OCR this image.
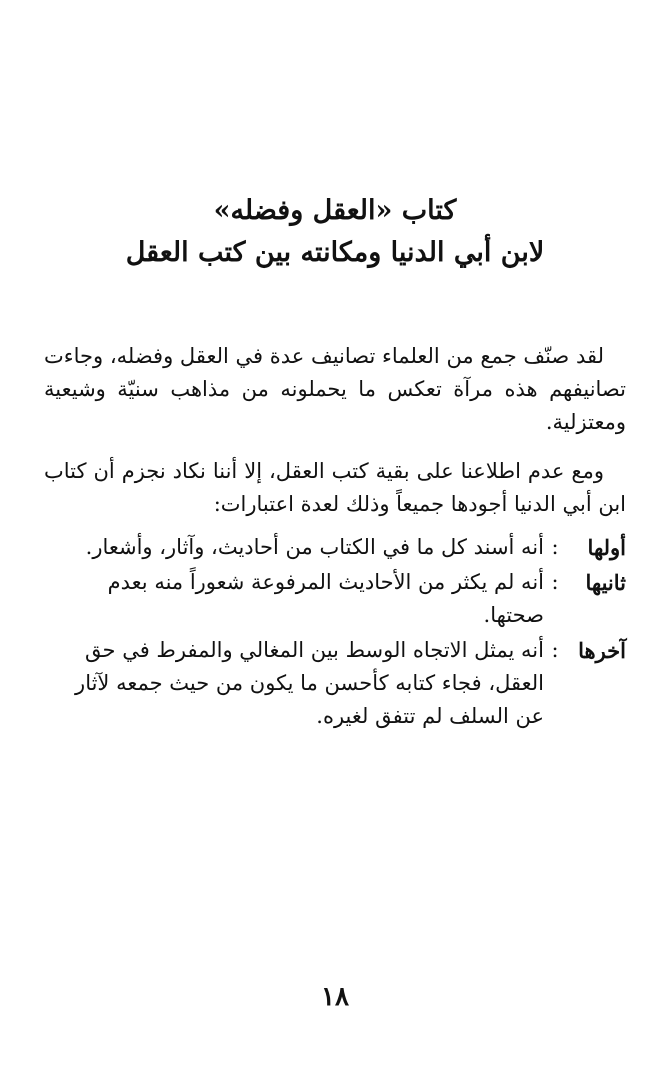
كتاب «العقل وفضله»

لابن أبي الدنيا ومكانته بين كتب العقل

لقد صنّف جمع من العلماء تصانيف عدة في العقل وفضله، وجاءت تصانيفهم هذه مرآة تعكس ما يحملونه من مذاهب سنيّة وشيعية ومعتزلية.

ومع عدم اطلاعنا على بقية كتب العقل، إلا أننا نكاد نجزم أن كتاب ابن أبي الدنيا أجودها جميعاً وذلك لعدة اعتبارات:

أولها
:
أنه أسند كل ما في الكتاب من أحاديث، وآثار، وأشعار.
ثانيها
:
أنه لم يكثر من الأحاديث المرفوعة شعوراً منه بعدم صحتها.
آخرها
:
أنه يمثل الاتجاه الوسط بين المغالي والمفرط في حق العقل، فجاء كتابه كأحسن ما يكون من حيث جمعه لآثار عن السلف لم تتفق لغيره.
١٨
